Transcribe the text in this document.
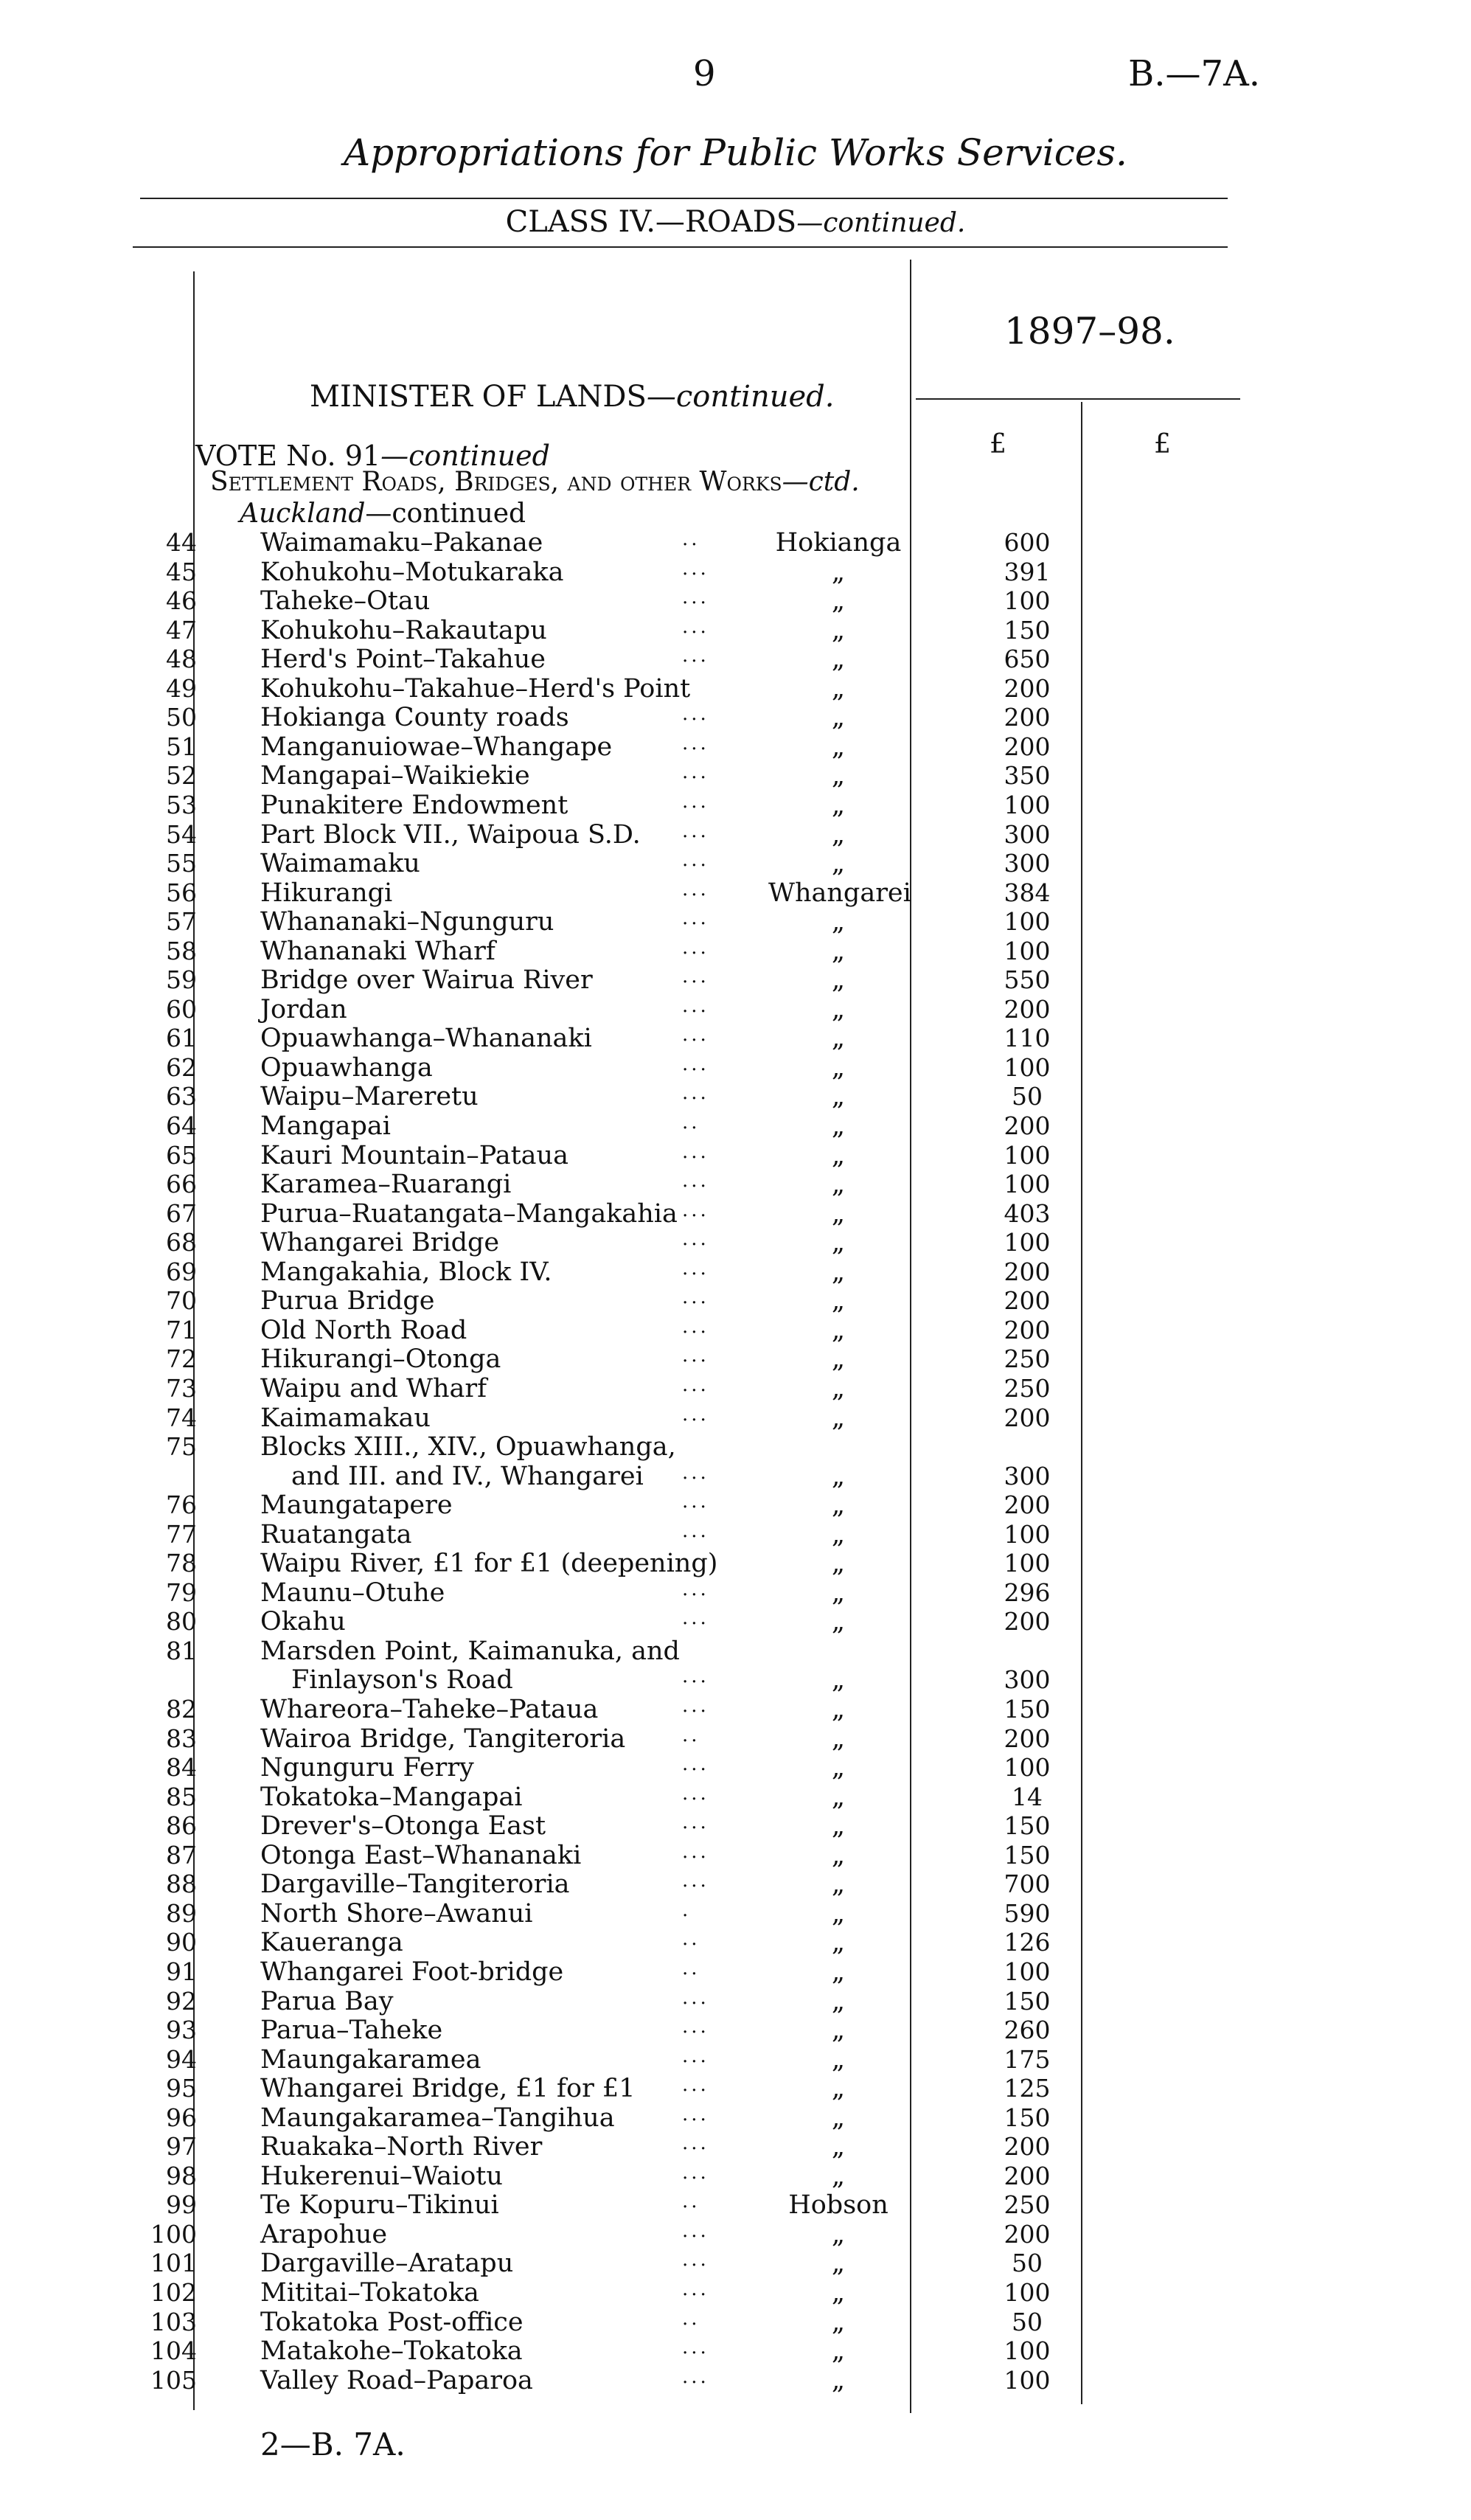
9	B.—7A.
Appropriations for Public Works Services.
CLASS IV.—ROADS—continued.
1897–98.
MINISTER OF LANDS—continued.
£	£
VOTE No. 91—continued
Settlement Roads, Bridges, and other Works—ctd.
Auckland—continued
44 Waimamaku–Pakanae	..	Hokianga	600
45 Kohukohu–Motukaraka	...	„	391
46 Taheke–Otau	...	„	100
47 Kohukohu–Rakautapu	...	„	150
48 Herd's Point–Takahue	...	„	650
49 Kohukohu–Takahue–Herd's Point	„	200
50 Hokianga County roads	...	„	200
51 Manganuiowae–Whangape	...	„	200
52 Mangapai–Waikiekie	...	„	350
53 Punakitere Endowment	...	„	100
54 Part Block VII., Waipoua S.D. ...	„	300
55 Waimamaku	...	„	300
56 Hikurangi	... Whangarei	384
57 Whananaki–Ngunguru	...	„	100
58 Whananaki Wharf	...	„	100
59 Bridge over Wairua River	...	„	550
60 Jordan	...	„	200
61 Opuawhanga–Whananaki	...	„	110
62 Opuawhanga	...	„	100
63 Waipu–Mareretu	...	„	50
64 Mangapai	..	„	200
65 Kauri Mountain–Pataua	...	„	100
66 Karamea–Ruarangi	...	„	100
67 Purua–Ruatangata–Mangakahia ...	„	403
68 Whangarei Bridge	...	„	100
69 Mangakahia, Block IV.	...	„	200
70 Purua Bridge	...	„	200
71 Old North Road	...	„	200
72 Hikurangi–Otonga	...	„	250
73 Waipu and Wharf	...	„	250
74 Kaimamakau	...	„	200
75 Blocks XIII., XIV., Opuawhanga,
and III. and IV., Whangarei ...	„	300
76 Maungatapere	...	„	200
77 Ruatangata	...	„	100
78 Waipu River, £1 for £1 (deepening)	„	100
79 Maunu–Otuhe	...	„	296
80 Okahu	...	„	200
81 Marsden Point, Kaimanuka, and
Finlayson's Road	...	„	300
82 Whareora–Taheke–Pataua	...	„	150
83 Wairoa Bridge, Tangiteroria	..	„	200
84 Ngunguru Ferry	...	„	100
85 Tokatoka–Mangapai	...	„	14
86 Drever's–Otonga East	...	„	150
87 Otonga East–Whananaki	...	„	150
88 Dargaville–Tangiteroria	...	„	700
89 North Shore–Awanui	.	„	590
90 Kaueranga	..	„	126
91 Whangarei Foot-bridge	..	„	100
92 Parua Bay	...	„	150
93 Parua–Taheke	...	„	260
94 Maungakaramea	...	„	175
95 Whangarei Bridge, £1 for £1 ...	„	125
96 Maungakaramea–Tangihua	...	„	150
97 Ruakaka–North River	...	„	200
98 Hukerenui–Waiotu	...	„	200
99 Te Kopuru–Tikinui	..	Hobson	250
100 Arapohue	...	„	200
101 Dargaville–Aratapu	...	„	50
102 Mititai–Tokatoka	...	„	100
103 Tokatoka Post-office	..	„	50
104 Matakohe–Tokatoka	...	„	100
105 Valley Road–Paparoa	...	„	100
2—B. 7A.
